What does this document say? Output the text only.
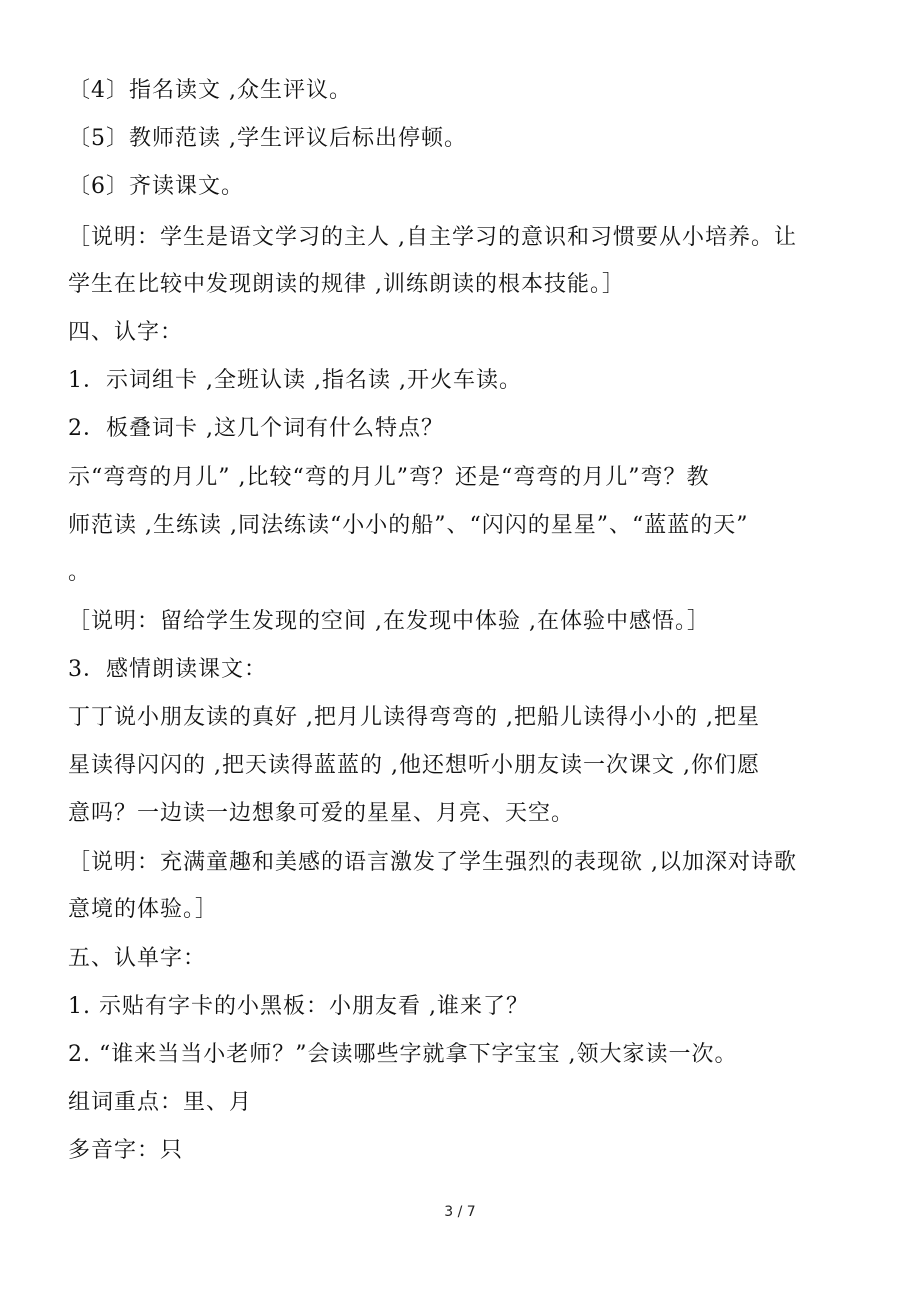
〔4〕指名读文 ,众生评议。
〔5〕教师范读 ,学生评议后标出停顿。
〔6〕齐读课文。
［说明：学生是语文学习的主人 ,自主学习的意识和习惯要从小培养。让
学生在比较中发现朗读的规律 ,训练朗读的根本技能。］
四、认字：
1．示词组卡 ,全班认读 ,指名读 ,开火车读。
2．板叠词卡 ,这几个词有什么特点？
示“弯弯的月儿” ,比较“弯的月儿”弯？还是“弯弯的月儿”弯？教
师范读 ,生练读 ,同法练读“小小的船”、“闪闪的星星”、“蓝蓝的天”
。
［说明：留给学生发现的空间 ,在发现中体验 ,在体验中感悟。］
3．感情朗读课文：
丁丁说小朋友读的真好 ,把月儿读得弯弯的 ,把船儿读得小小的 ,把星
星读得闪闪的 ,把天读得蓝蓝的 ,他还想听小朋友读一次课文 ,你们愿
意吗？一边读一边想象可爱的星星、月亮、天空。
［说明：充满童趣和美感的语言激发了学生强烈的表现欲 ,以加深对诗歌
意境的体验。］
五、认单字：
1. 示贴有字卡的小黑板：小朋友看 ,谁来了？
2. “谁来当当小老师？”会读哪些字就拿下字宝宝 ,领大家读一次。
组词重点：里、月
多音字：只
3 / 7
